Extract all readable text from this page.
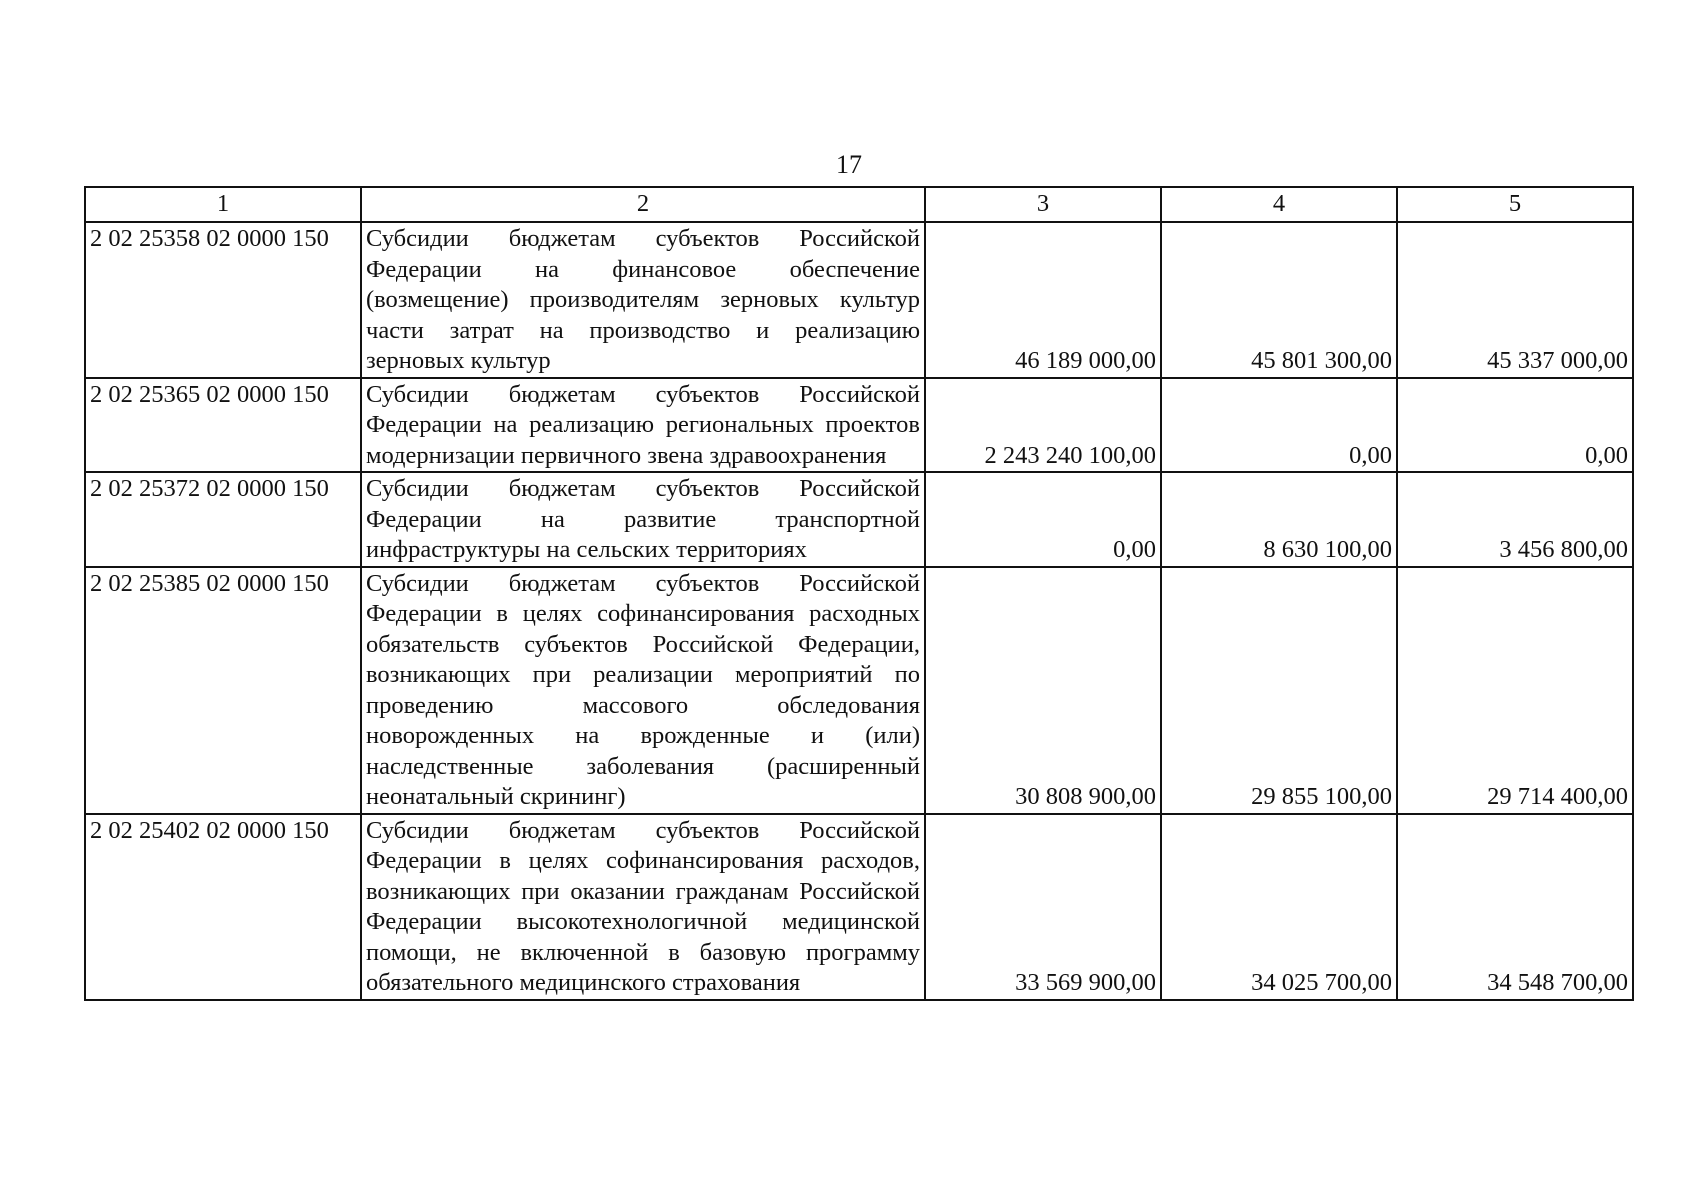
17
1	2	3	4	5
2 02 25358 02 0000 150	Субсидии бюджетам субъектов Российской Федерации на финансовое обеспечение (возмещение) производителям зерновых культур части затрат на производство и реализацию зерновых культур	46 189 000,00	45 801 300,00	45 337 000,00
2 02 25365 02 0000 150	Субсидии бюджетам субъектов Российской Федерации на реализацию региональных проектов модернизации первичного звена здравоохранения	2 243 240 100,00	0,00	0,00
2 02 25372 02 0000 150	Субсидии бюджетам субъектов Российской Федерации на развитие транспортной инфраструктуры на сельских территориях	0,00	8 630 100,00	3 456 800,00
2 02 25385 02 0000 150	Субсидии бюджетам субъектов Российской Федерации в целях софинансирования расходных обязательств субъектов Российской Федерации, возникающих при реализации мероприятий по проведению массового обследования новорожденных на врожденные и (или) наследственные заболевания (расширенный неонатальный скрининг)	30 808 900,00	29 855 100,00	29 714 400,00
2 02 25402 02 0000 150	Субсидии бюджетам субъектов Российской Федерации в целях софинансирования расходов, возникающих при оказании гражданам Российской Федерации высокотехнологичной медицинской помощи, не включенной в базовую программу обязательного медицинского страхования	33 569 900,00	34 025 700,00	34 548 700,00
